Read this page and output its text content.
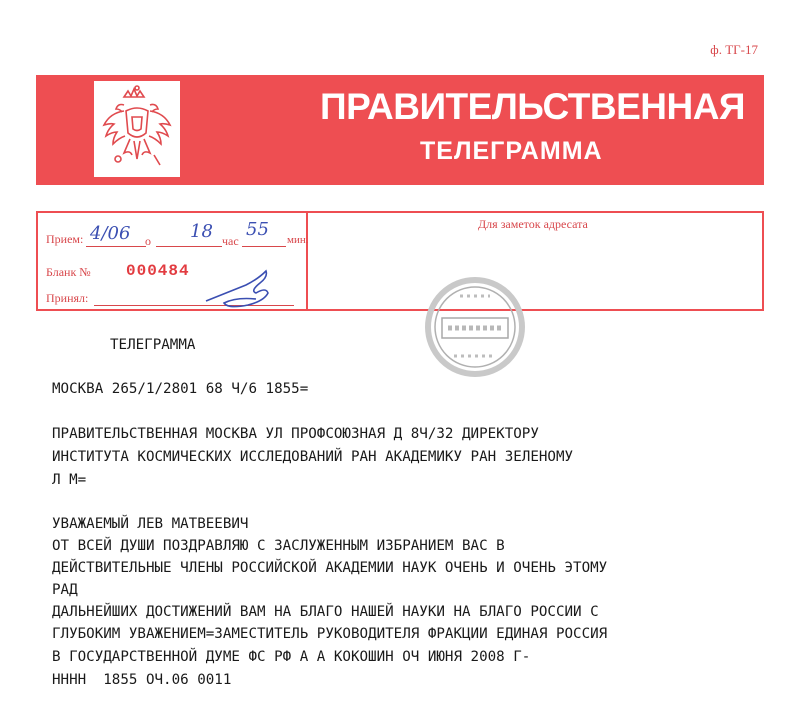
ф. ТГ-17
ПРАВИТЕЛЬСТВЕННАЯ
ТЕЛЕГРАММА
Прием:	о	час	мин.
4/06	18 55
Бланк № 000484
Принял:
Для заметок адресата
ТЕЛЕГРАММА
МОСКВА 265/1/2801 68 Ч/6 1855=
ПРАВИТЕЛЬСТВЕННАЯ МОСКВА УЛ ПРОФСОЮЗНАЯ Д 8Ч/32 ДИРЕКТОРУ
ИНСТИТУТА КОСМИЧЕСКИХ ИССЛЕДОВАНИЙ РАН АКАДЕМИКУ РАН ЗЕЛЕНОМУ
Л М=
УВАЖАЕМЫЙ ЛЕВ МАТВЕЕВИЧ
ОТ ВСЕЙ ДУШИ ПОЗДРАВЛЯЮ С ЗАСЛУЖЕННЫМ ИЗБРАНИЕМ ВАС В
ДЕЙСТВИТЕЛЬНЫЕ ЧЛЕНЫ РОССИЙСКОЙ АКАДЕМИИ НАУК ОЧЕНЬ И ОЧЕНЬ ЭТОМУ
РАД
ДАЛЬНЕЙШИХ ДОСТИЖЕНИЙ ВАМ НА БЛАГО НАШЕЙ НАУКИ НА БЛАГО РОССИИ С
ГЛУБОКИМ УВАЖЕНИЕМ=ЗАМЕСТИТЕЛЬ РУКОВОДИТЕЛЯ ФРАКЦИИ ЕДИНАЯ РОССИЯ
В ГОСУДАРСТВЕННОЙ ДУМЕ ФС РФ А А КОКОШИН ОЧ ИЮНЯ 2008 Г-
НННН  1855 ОЧ.06 0011
